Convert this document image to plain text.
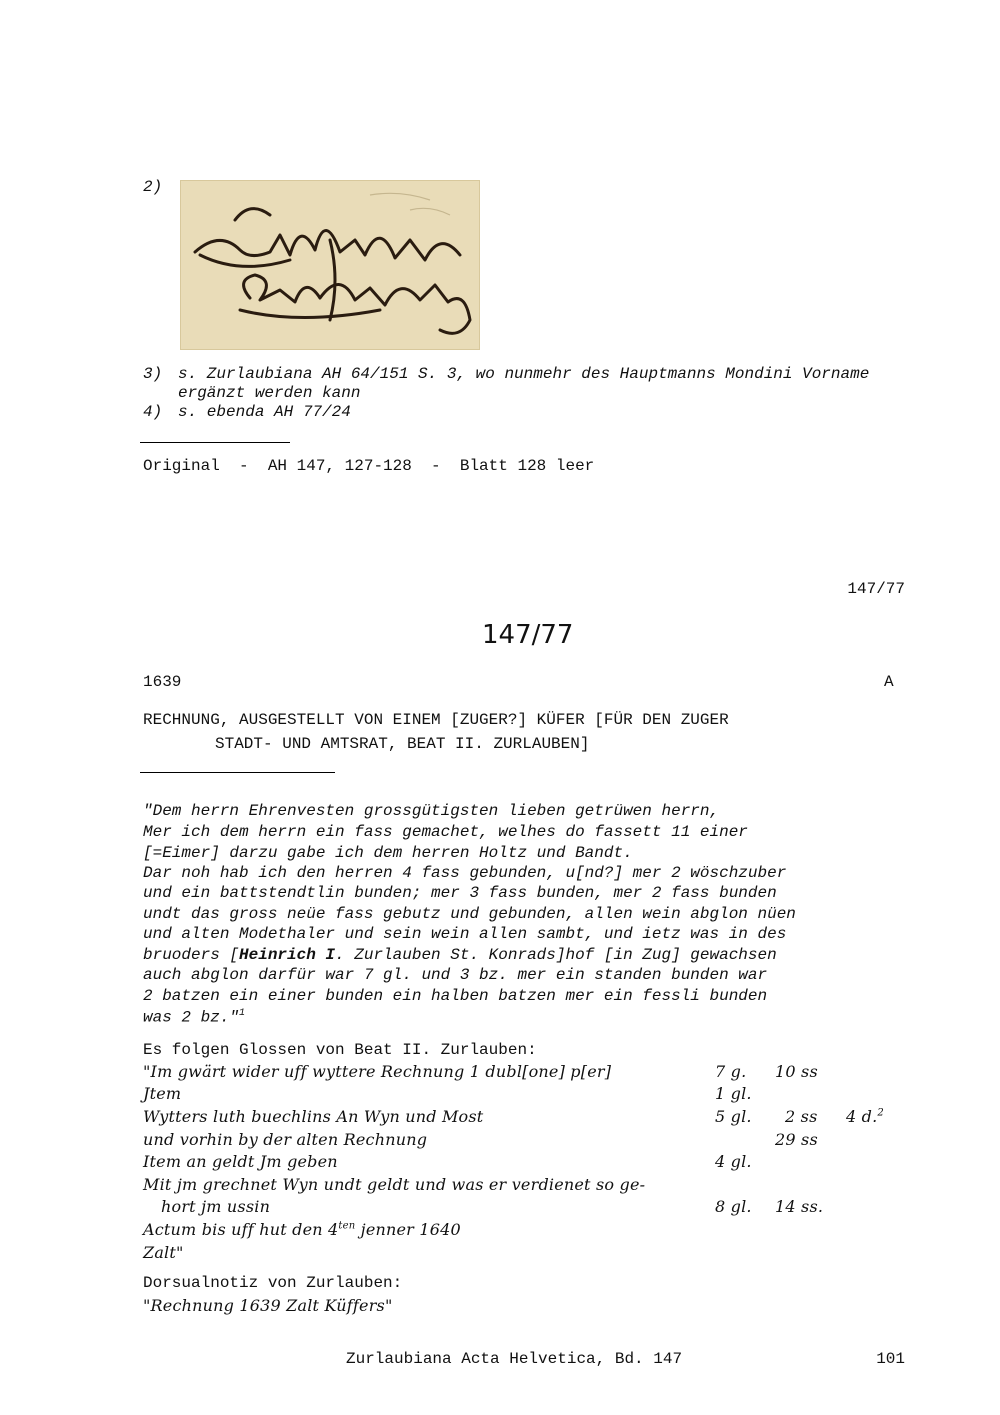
2)
3) s. Zurlaubiana AH 64/151 S. 3, wo nunmehr des Hauptmanns Mondini Vorname
ergänzt werden kann
4) s. ebenda AH 77/24
Original  -  AH 147, 127-128  -  Blatt 128 leer
147/77
147/77
1639	A
RECHNUNG, AUSGESTELLT VON EINEM [ZUGER?] KÜFER [FÜR DEN ZUGER
STADT- UND AMTSRAT, BEAT II. ZURLAUBEN]
"Dem herrn Ehrenvesten grossgütigsten lieben getrüwen herrn,
Mer ich dem herrn ein fass gemachet, welhes do fassett 11 einer
[=Eimer] darzu gabe ich dem herren Holtz und Bandt.
Dar noh hab ich den herren 4 fass gebunden, u[nd?] mer 2 wöschzuber
und ein battstendtlin bunden; mer 3 fass bunden, mer 2 fass bunden
undt das gross neüe fass gebutz und gebunden, allen wein abglon nüen
und alten Modethaler und sein wein allen sambt, und ietz was in des
bruoders [Heinrich I. Zurlauben St. Konrads]hof [in Zug] gewachsen
auch abglon darfür war 7 gl. und 3 bz. mer ein standen bunden war
2 batzen ein einer bunden ein halben batzen mer ein fessli bunden
was 2 bz."$^1$
Es folgen Glossen von Beat II. Zurlauben:
"Im gwärt wider uff wyttere Rechnung 1 dubl[one] p[er]	7 g. 10 ss
Jtem	1 gl.
Wytters luth buechlins An Wyn und Most	5 gl. 2 ss 4 d.$^2$
und vorhin by der alten Rechnung	29 ss
Item an geldt Jm geben	4 gl.
Mit jm grechnet Wyn undt geldt und was er verdienet so ge-
hort jm ussin	8 gl. 14 ss.
Actum bis uff hut den $4^{ten}$ jenner 1640
Zalt"
Dorsualnotiz von Zurlauben:
"Rechnung 1639 Zalt Küffers"
Zurlaubiana Acta Helvetica, Bd. 147	101
